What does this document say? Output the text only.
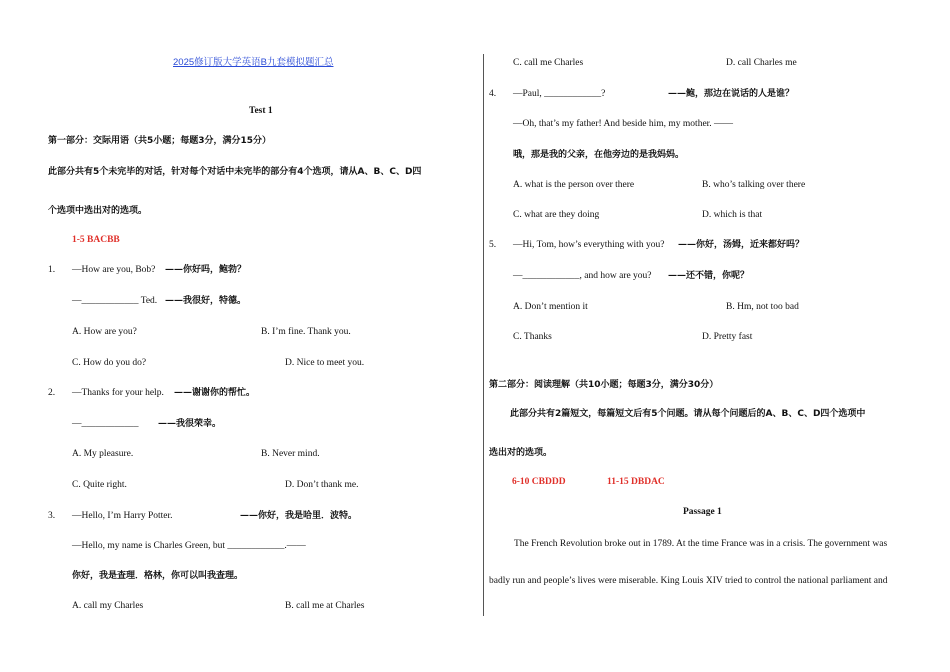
2025修订版大学英语B九套模拟题汇总
Test 1
第一部分：交际用语（共5小题；每题3分，满分15分）
此部分共有5个未完毕的对话，针对每个对话中未完毕的部分有4个选项，请从A、B、C、D四
个选项中选出对的选项。
1-5 BACBB
1. —How are you, Bob? ——你好吗，鲍勃？
—____________ Ted. ——我很好，特德。
A. How are you?	B. I’m fine. Thank you.
C. How do you do?	D. Nice to meet you.
2. —Thanks for your help. ——谢谢你的帮忙。
—____________ ——我很荣幸。
A. My pleasure.	B. Never mind.
C. Quite right.	D. Don’t thank me.
3. —Hello, I’m Harry Potter.	——你好，我是哈里．波特。
—Hello, my name is Charles Green, but ____________.——
你好，我是查理．格林，你可以叫我查理。
A. call my Charles	B. call me at Charles
C. call me Charles	D. call Charles me
4. —Paul, ____________?	——鲍，那边在说话的人是谁？
—Oh, that’s my father! And beside him, my mother. ——
哦，那是我的父亲，在他旁边的是我妈妈。
A. what is the person over there	B. who’s talking over there
C. what are they doing	D. which is that
5. —Hi, Tom, how’s everything with you? ——你好，汤姆，近来都好吗？
—____________, and how are you? ——还不错，你呢？
A. Don’t mention it	B. Hm, not too bad
C. Thanks	D. Pretty fast
第二部分：阅读理解（共10小题；每题3分，满分30分）
此部分共有2篇短文，每篇短文后有5个问题。请从每个问题后的A、B、C、D四个选项中
选出对的选项。
6-10 CBDDD	11-15 DBDAC
Passage 1
The French Revolution broke out in 1789. At the time France was in a crisis. The government was
badly run and people’s lives were miserable. King Louis XIV tried to control the national parliament and
